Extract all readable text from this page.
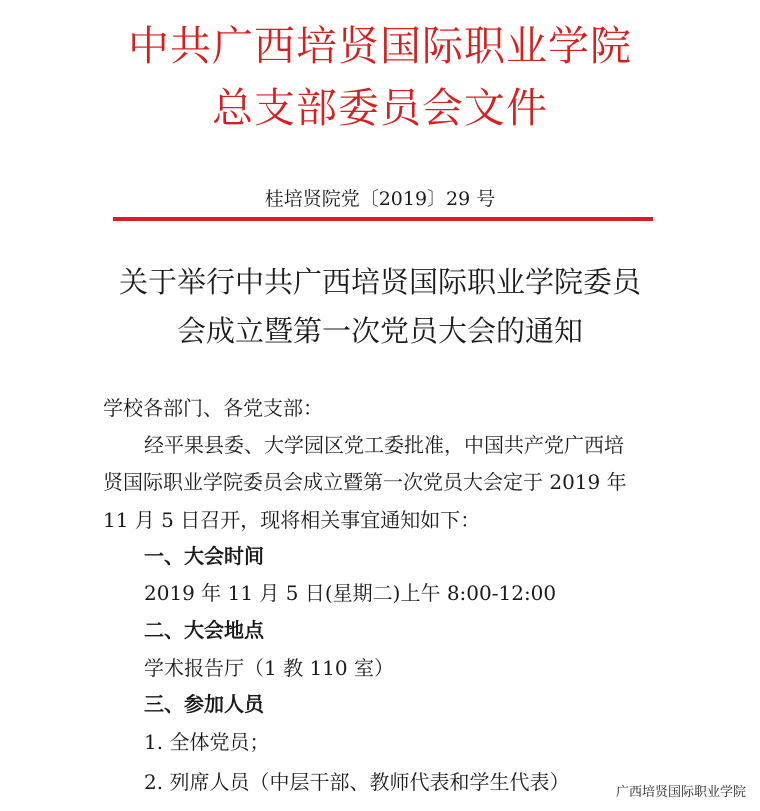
中共广西培贤国际职业学院
总支部委员会文件
桂培贤院党〔2019〕29 号
关于举行中共广西培贤国际职业学院委员
会成立暨第一次党员大会的通知
学校各部门、各党支部：
经平果县委、大学园区党工委批准，中国共产党广西培
贤国际职业学院委员会成立暨第一次党员大会定于 2019 年
11 月 5 日召开，现将相关事宜通知如下：
一、大会时间
2019 年 11 月 5 日(星期二)上午 8:00-12:00
二、大会地点
学术报告厅（1 教 110 室）
三、参加人员
1. 全体党员；
2. 列席人员（中层干部、教师代表和学生代表）	广西培贤国际职业学院
